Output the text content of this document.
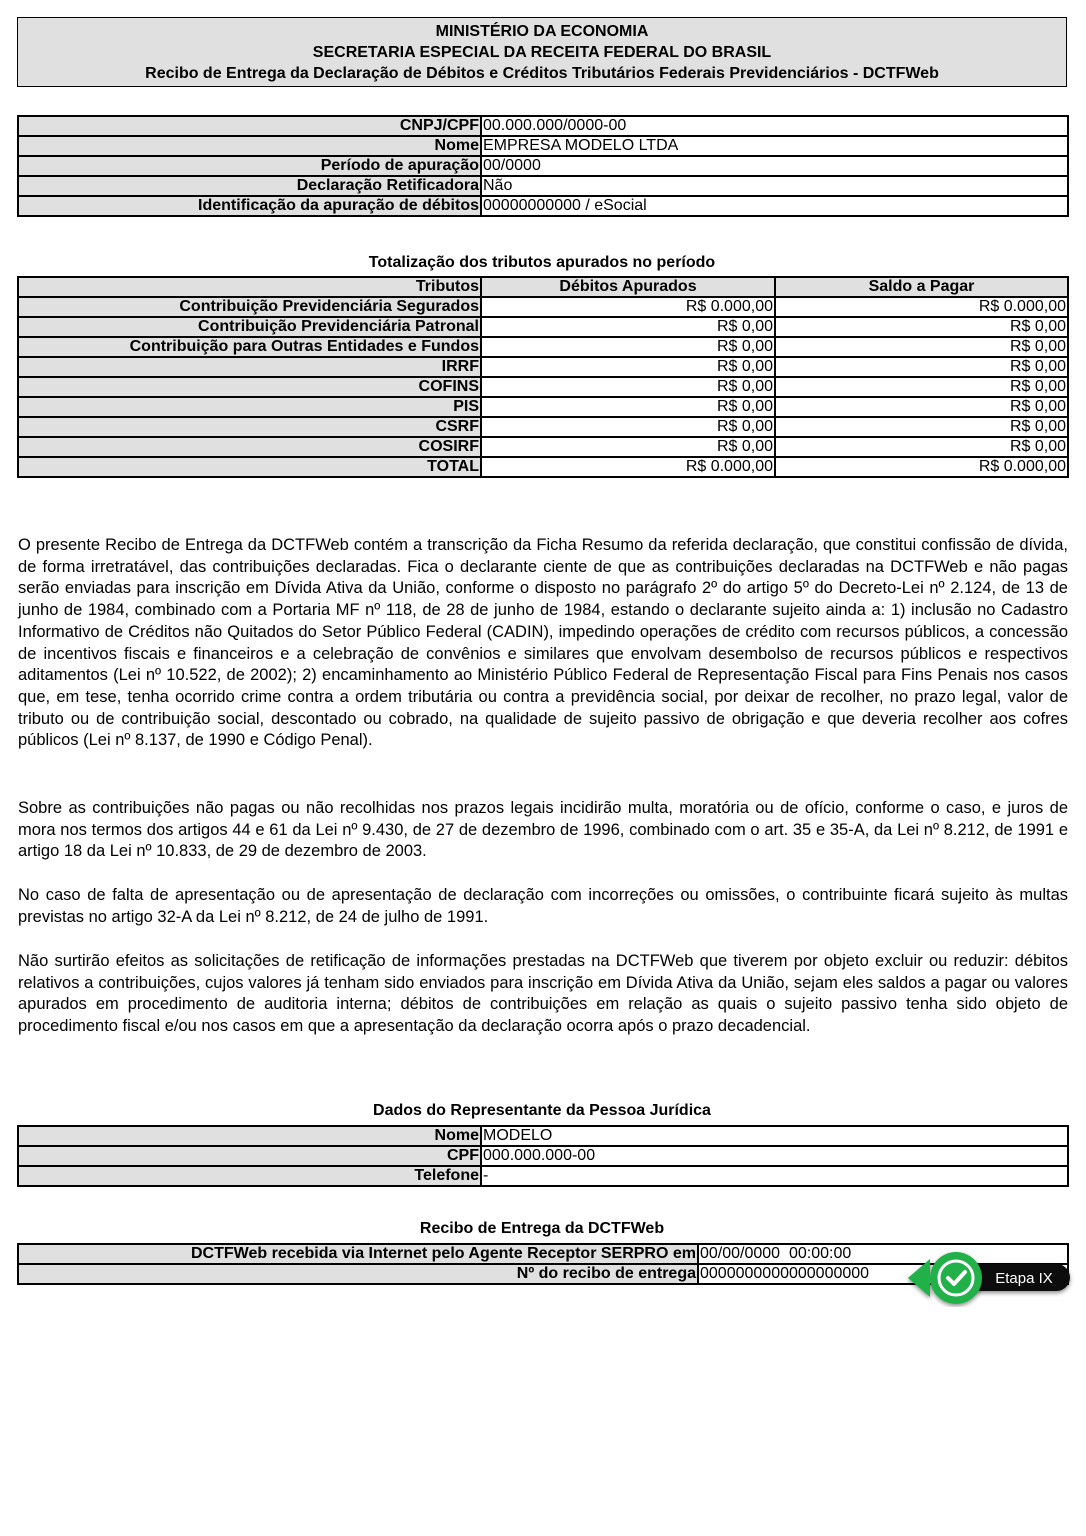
MINISTÉRIO DA ECONOMIA
SECRETARIA ESPECIAL DA RECEITA FEDERAL DO BRASIL
Recibo de Entrega da Declaração de Débitos e Créditos Tributários Federais Previdenciários - DCTFWeb
CNPJ/CPF	00.000.000/0000-00
Nome	EMPRESA MODELO LTDA
Período de apuração	00/0000
Declaração Retificadora	Não
Identificação da apuração de débitos	00000000000 / eSocial
Totalização dos tributos apurados no período
Tributos	Débitos Apurados	Saldo a Pagar
Contribuição Previdenciária Segurados	R$ 0.000,00	R$ 0.000,00
Contribuição Previdenciária Patronal	R$ 0,00	R$ 0,00
Contribuição para Outras Entidades e Fundos	R$ 0,00	R$ 0,00
IRRF	R$ 0,00	R$ 0,00
COFINS	R$ 0,00	R$ 0,00
PIS	R$ 0,00	R$ 0,00
CSRF	R$ 0,00	R$ 0,00
COSIRF	R$ 0,00	R$ 0,00
TOTAL	R$ 0.000,00	R$ 0.000,00

O presente Recibo de Entrega da DCTFWeb contém a transcrição da Ficha Resumo da referida declaração, que constitui confissão de dívida, de forma irretratável, das contribuições declaradas. Fica o declarante ciente de que as contribuições declaradas na DCTFWeb e não pagas serão enviadas para inscrição em Dívida Ativa da União, conforme o disposto no parágrafo 2º do artigo 5º do Decreto-Lei nº 2.124, de 13 de junho de 1984, combinado com a Portaria MF nº 118, de 28 de junho de 1984, estando o declarante sujeito ainda a: 1) inclusão no Cadastro Informativo de Créditos não Quitados do Setor Público Federal (CADIN), impedindo operações de crédito com recursos públicos, a concessão de incentivos fiscais e financeiros e a celebração de convênios e similares que envolvam desembolso de recursos públicos e respectivos aditamentos (Lei nº 10.522, de 2002); 2) encaminhamento ao Ministério Público Federal de Representação Fiscal para Fins Penais nos casos que, em tese, tenha ocorrido crime contra a ordem tributária ou contra a previdência social, por deixar de recolher, no prazo legal, valor de tributo ou de contribuição social, descontado ou cobrado, na qualidade de sujeito passivo de obrigação e que deveria recolher aos cofres públicos (Lei nº 8.137, de 1990 e Código Penal).

Sobre as contribuições não pagas ou não recolhidas nos prazos legais incidirão multa, moratória ou de ofício, conforme o caso, e juros de mora nos termos dos artigos 44 e 61 da Lei nº 9.430, de 27 de dezembro de 1996, combinado com o art. 35 e 35-A, da Lei nº 8.212, de 1991 e artigo 18 da Lei nº 10.833, de 29 de dezembro de 2003.

No caso de falta de apresentação ou de apresentação de declaração com incorreções ou omissões, o contribuinte ficará sujeito às multas previstas no artigo 32-A da Lei nº 8.212, de 24 de julho de 1991.

Não surtirão efeitos as solicitações de retificação de informações prestadas na DCTFWeb que tiverem por objeto excluir ou reduzir: débitos relativos a contribuições, cujos valores já tenham sido enviados para inscrição em Dívida Ativa da União, sejam eles saldos a pagar ou valores apurados em procedimento de auditoria interna; débitos de contribuições em relação as quais o sujeito passivo tenha sido objeto de procedimento fiscal e/ou nos casos em que a apresentação da declaração ocorra após o prazo decadencial.

Dados do Representante da Pessoa Jurídica
Nome	MODELO
CPF	000.000.000-00
Telefone	-
Recibo de Entrega da DCTFWeb
DCTFWeb recebida via Internet pelo Agente Receptor SERPRO em	00/00/0000  00:00:00
Nº do recibo de entrega	0000000000000000000	Etapa IX
